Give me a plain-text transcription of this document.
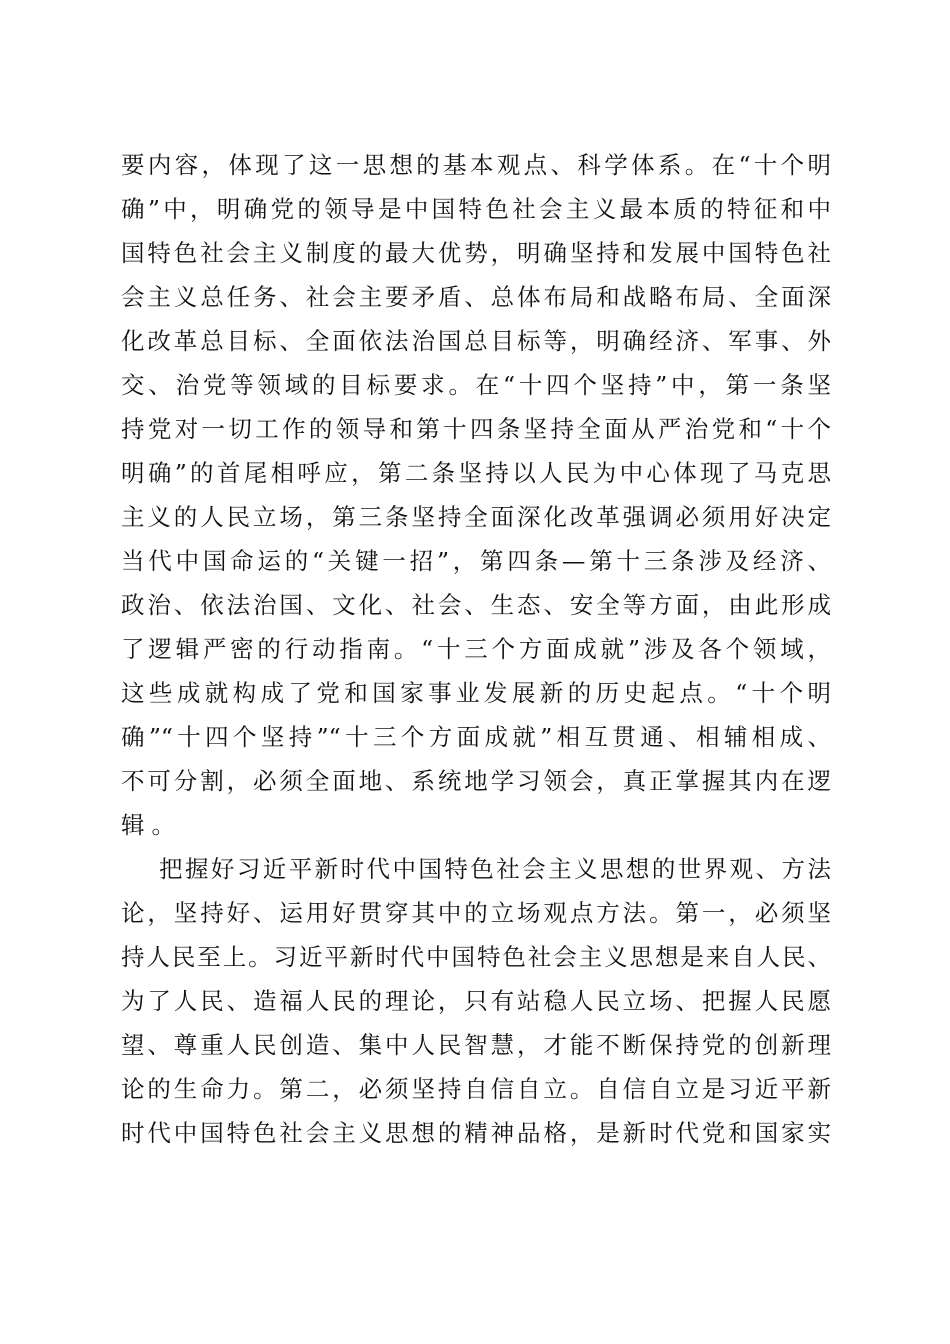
要内容，体现了这一思想的基本观点、科学体系。在“十个明
确”中，明确党的领导是中国特色社会主义最本质的特征和中
国特色社会主义制度的最大优势，明确坚持和发展中国特色社
会主义总任务、社会主要矛盾、总体布局和战略布局、全面深
化改革总目标、全面依法治国总目标等，明确经济、军事、外
交、治党等领域的目标要求。在“十四个坚持”中，第一条坚
持党对一切工作的领导和第十四条坚持全面从严治党和“十个
明确”的首尾相呼应，第二条坚持以人民为中心体现了马克思
主义的人民立场，第三条坚持全面深化改革强调必须用好决定
当代中国命运的“关键一招”，第四条—第十三条涉及经济、
政治、依法治国、文化、社会、生态、安全等方面，由此形成
了逻辑严密的行动指南。“十三个方面成就”涉及各个领域，
这些成就构成了党和国家事业发展新的历史起点。“十个明
确”“十四个坚持”“十三个方面成就”相互贯通、相辅相成、
不可分割，必须全面地、系统地学习领会，真正掌握其内在逻
辑。
把握好习近平新时代中国特色社会主义思想的世界观、方法
论，坚持好、运用好贯穿其中的立场观点方法。第一，必须坚
持人民至上。习近平新时代中国特色社会主义思想是来自人民、
为了人民、造福人民的理论，只有站稳人民立场、把握人民愿
望、尊重人民创造、集中人民智慧，才能不断保持党的创新理
论的生命力。第二，必须坚持自信自立。自信自立是习近平新
时代中国特色社会主义思想的精神品格，是新时代党和国家实
